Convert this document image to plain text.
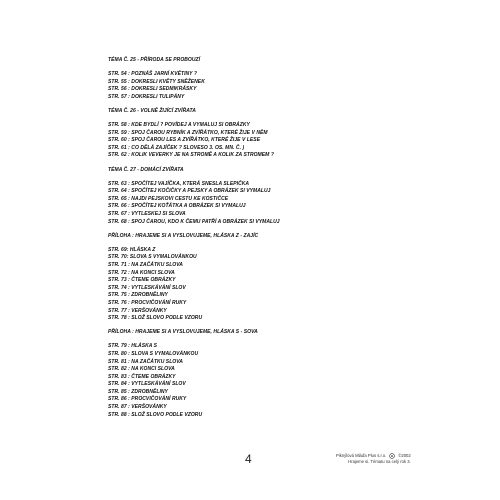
TÉMA Č. 25 - PŘÍRODA SE PROBOUZÍ
STR. 54 : POZNÁŠ JARNÍ KVĚTINY ?
STR. 55 : DOKRESLI KVĚTY SNĚŽENEK
STR. 56 : DOKRESLI SEDMIKRÁSKY
STR. 57 : DOKRESLI TULIPÁNY
TÉMA Č. 26 - VOLNĚ ŽIJÍCÍ ZVÍŘATA
STR. 58 : KDE BYDLÍ ? POVÍDEJ A VYMALUJ SI OBRÁZKY
STR. 59 : SPOJ ČAROU RYBNÍK A ZVÍŘÁTKO, KTERÉ ŽIJE V NĚM
STR. 60 : SPOJ ČAROU LES A ZVÍŘÁTKO, KTERÉ ŽIJE V LESE
STR. 61 : CO DĚLÁ ZAJÍČEK ? SLOVESO 3. OS. MN. Č. )
STR. 62 : KOLIK VEVERKY JE NA STROMĚ A KOLIK ZA STROMEM ?
TÉMA Č. 27 - DOMÁCÍ ZVÍŘATA
STR. 63 : SPOČÍTEJ VAJÍČKA, KTERÁ SNESLA SLEPIČKA
STR. 64 : SPOČÍTEJ KOČIČKY A PEJSKY A OBRÁZEK SI VYMALUJ
STR. 65 : NAJDI PEJSKOVI CESTU KE KOSTIČCE
STR. 66 : SPOČÍTEJ KOŤÁTKA A OBRÁZEK SI VYMALUJ
STR. 67 : VYTLESKEJ SI SLOVA
STR. 68 : SPOJ ČAROU, KDO K ČEMU PATŘÍ A OBRÁZEK SI VYMALUJ
PŘÍLOHA : HRAJEME SI A VYSLOVUJEME, HLÁSKA Z - ZAJÍC
STR. 69: HLÁSKA Z
STR. 70: SLOVA S VYMALOVÁNKOU
STR. 71 : NA ZAČÁTKU SLOVA
STR. 72 : NA KONCI SLOVA
STR. 73 : ČTEME OBRÁZKY
STR. 74 : VYTLESKÁVÁNÍ SLOV
STR. 75 : ZDROBNĚLINY
STR. 76 : PROCVIČOVÁNÍ RUKY
STR. 77 : VERŠOVÁNKY
STR. 78 : SLOŽ SLOVO PODLE VZORU
PŘÍLOHA : HRAJEME SI A VYSLOVUJEME, HLÁSKA S - SOVA
STR. 79 : HLÁSKA S
STR. 80 : SLOVA S VYMALOVÁNKOU
STR. 81 : NA ZAČÁTKU SLOVA
STR. 82 : NA KONCI SLOVA
STR. 83 : ČTEME OBRÁZKY
STR. 84 : VYTLESKÁVÁNÍ SLOV
STR. 85 : ZDROBNĚLINY
STR. 86 : PROCVIČOVÁNÍ RUKY
STR. 87 : VERŠOVÁNKY
STR. 88 : SLOŽ SLOVO PODLE VZORU
4	Piknýlová Mláďa Plus s.r.o.	©2002
Hrajeme si. Tématu na celý rok 3.
